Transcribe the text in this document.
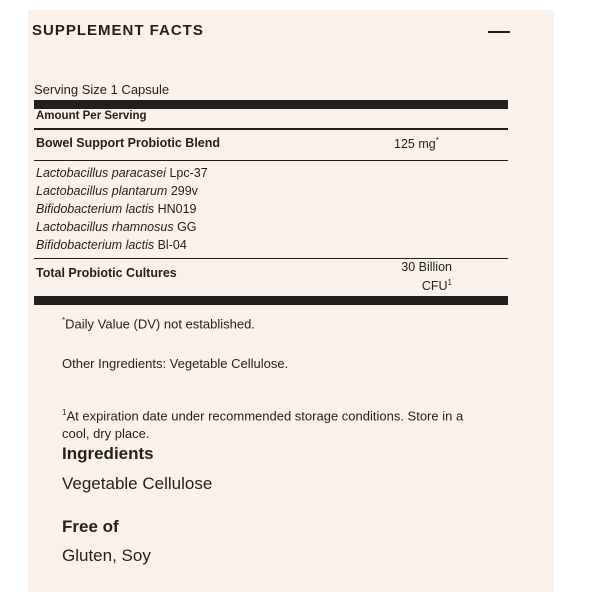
SUPPLEMENT FACTS
Serving Size 1 Capsule
Amount Per Serving
Bowel Support Probiotic Blend	125 mg*
Lactobacillus paracasei Lpc-37
Lactobacillus plantarum 299v
Bifidobacterium lactis HN019
Lactobacillus rhamnosus GG
Bifidobacterium lactis Bl-04
Total Probiotic Cultures	30 Billion
CFU$^1$
*Daily Value (DV) not established.
Other Ingredients: Vegetable Cellulose.
$^1$At expiration date under recommended storage conditions. Store in a
cool, dry place.
Ingredients
Vegetable Cellulose
Free of
Gluten, Soy
